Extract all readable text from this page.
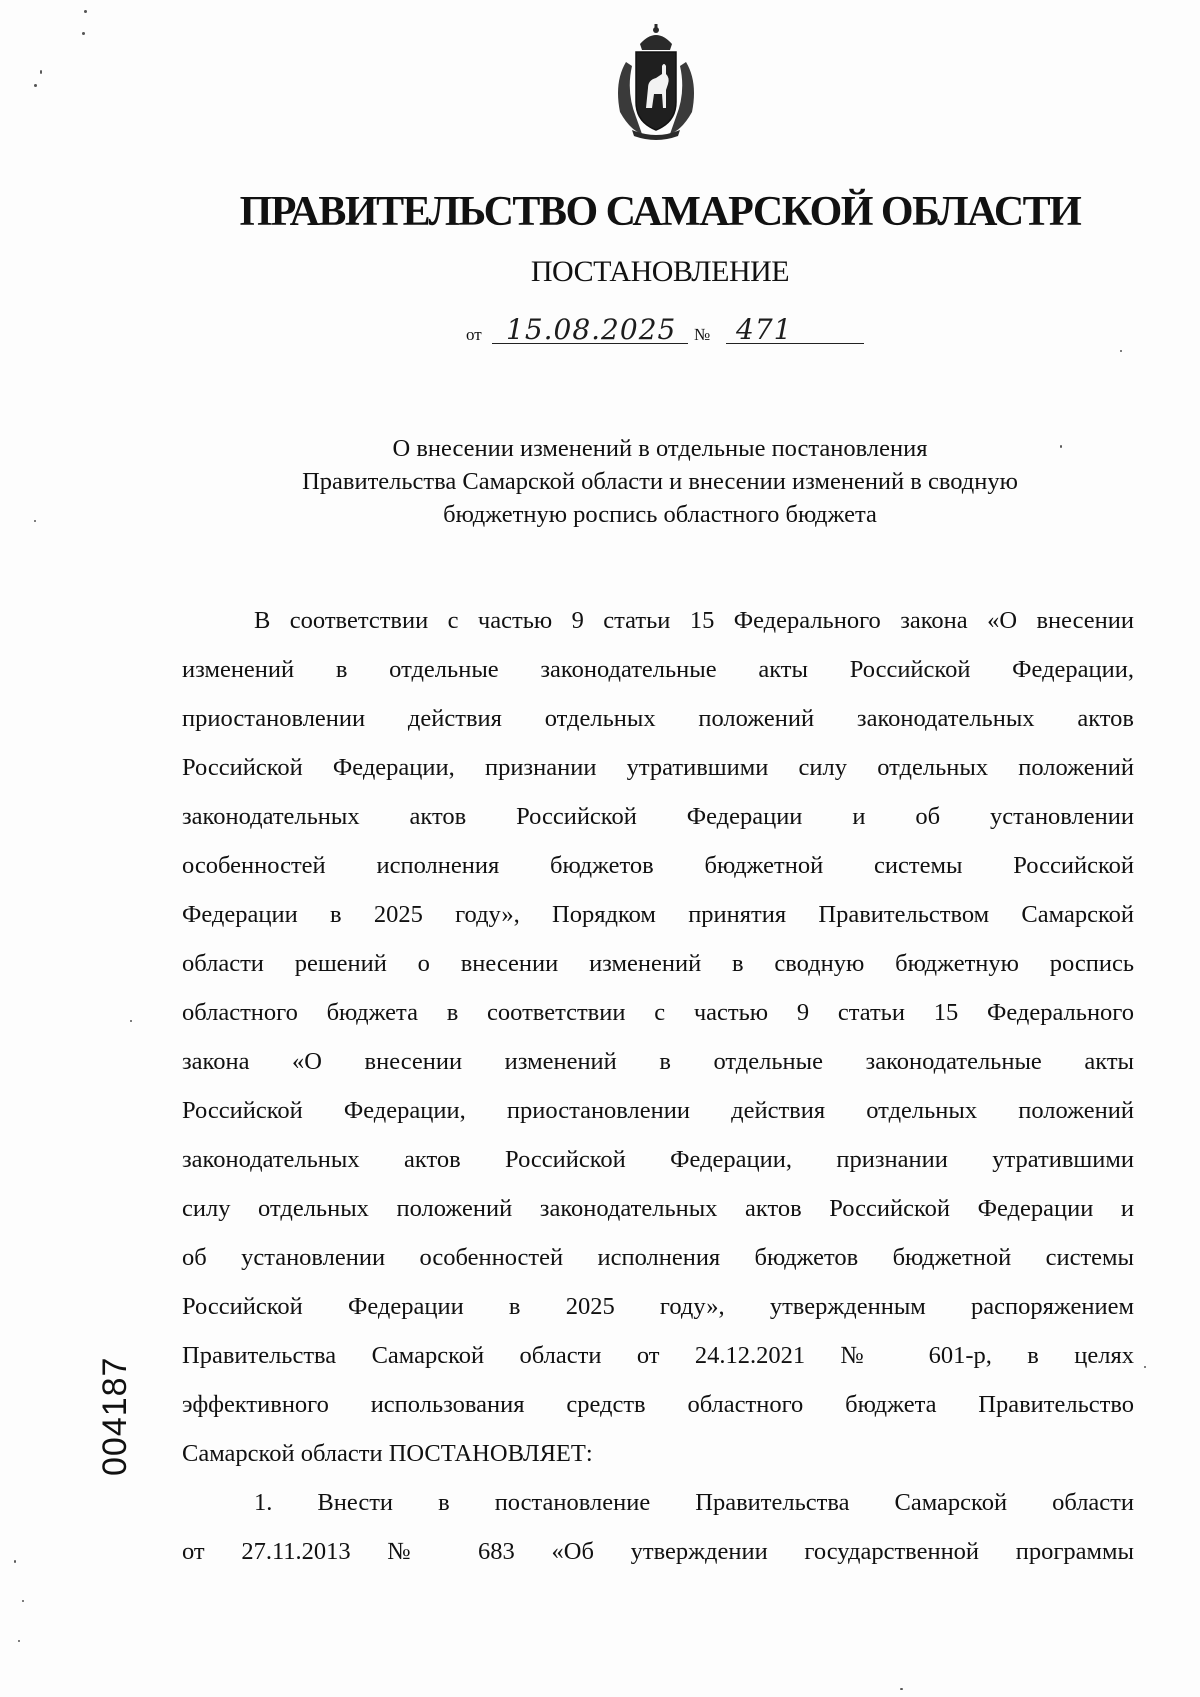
ПРАВИТЕЛЬСТВО САМАРСКОЙ ОБЛАСТИ
ПОСТАНОВЛЕНИЕ
от 15.08.2025 № 471
О внесении изменений в отдельные постановления
Правительства Самарской области и внесении изменений в сводную
бюджетную роспись областного бюджета
В соответствии с частью 9 статьи 15 Федерального закона «О внесении
изменений в отдельные законодательные акты Российской Федерации,
приостановлении действия отдельных положений законодательных актов
Российской Федерации, признании утратившими силу отдельных положений
законодательных актов Российской Федерации и об установлении
особенностей исполнения бюджетов бюджетной системы Российской
Федерации в 2025 году», Порядком принятия Правительством Самарской
области решений о внесении изменений в сводную бюджетную роспись
областного бюджета в соответствии с частью 9 статьи 15 Федерального
закона «О внесении изменений в отдельные законодательные акты
Российской Федерации, приостановлении действия отдельных положений
законодательных актов Российской Федерации, признании утратившими
силу отдельных положений законодательных актов Российской Федерации и
об установлении особенностей исполнения бюджетов бюджетной системы
Российской Федерации в 2025 году», утвержденным распоряжением
Правительства Самарской области от 24.12.2021 № 601-р, в целях
эффективного использования средств областного бюджета Правительство
Самарской области ПОСТАНОВЛЯЕТ:
1. Внести в постановление Правительства Самарской области
от 27.11.2013 № 683 «Об утверждении государственной программы
004187
